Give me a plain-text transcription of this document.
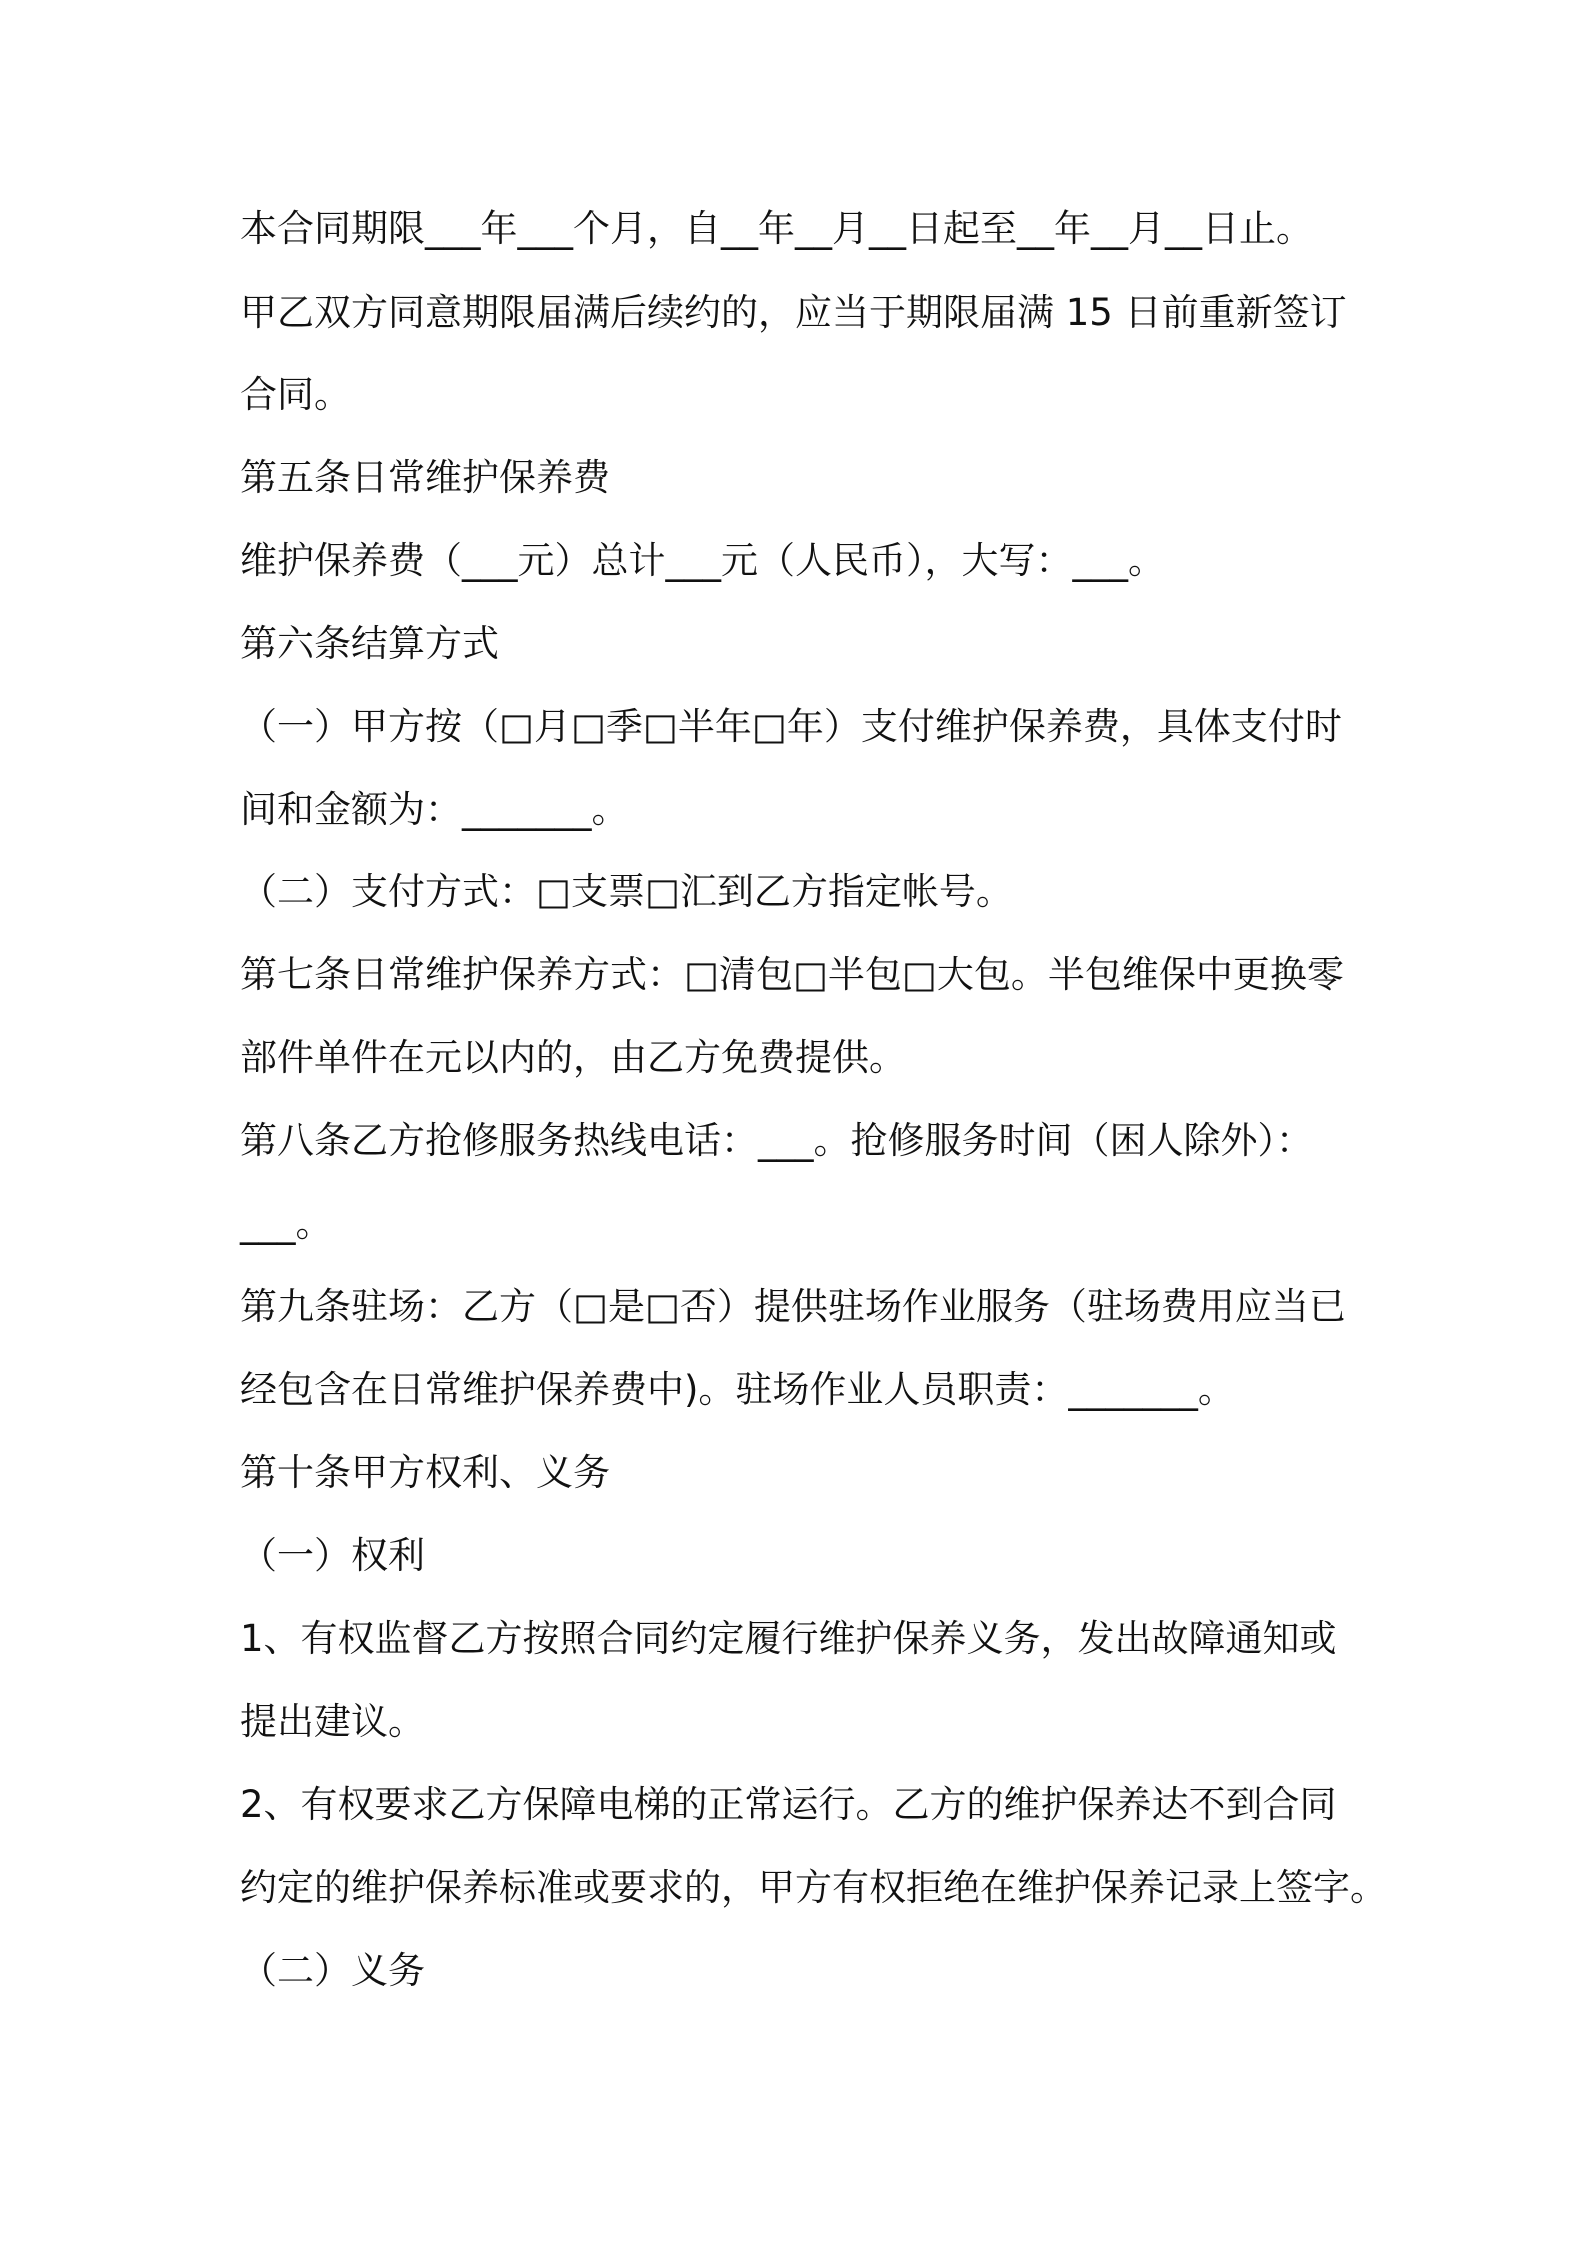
本合同期限___年___个月，自__年__月__日起至__年__月__日止。
甲乙双方同意期限届满后续约的，应当于期限届满 15 日前重新签订
合同。
第五条日常维护保养费
维护保养费（___元）总计___元（人民币），大写：___。
第六条结算方式
（一）甲方按（□月□季□半年□年）支付维护保养费，具体支付时
间和金额为：_______。
（二）支付方式：□支票□汇到乙方指定帐号。
第七条日常维护保养方式：□清包□半包□大包。半包维保中更换零
部件单件在元以内的，由乙方免费提供。
第八条乙方抢修服务热线电话：___。抢修服务时间（困人除外）：
___。
第九条驻场：乙方（□是□否）提供驻场作业服务（驻场费用应当已
经包含在日常维护保养费中)。驻场作业人员职责：_______。
第十条甲方权利、义务
（一）权利
1、有权监督乙方按照合同约定履行维护保养义务，发出故障通知或
提出建议。
2、有权要求乙方保障电梯的正常运行。乙方的维护保养达不到合同
约定的维护保养标准或要求的，甲方有权拒绝在维护保养记录上签字。
（二）义务
